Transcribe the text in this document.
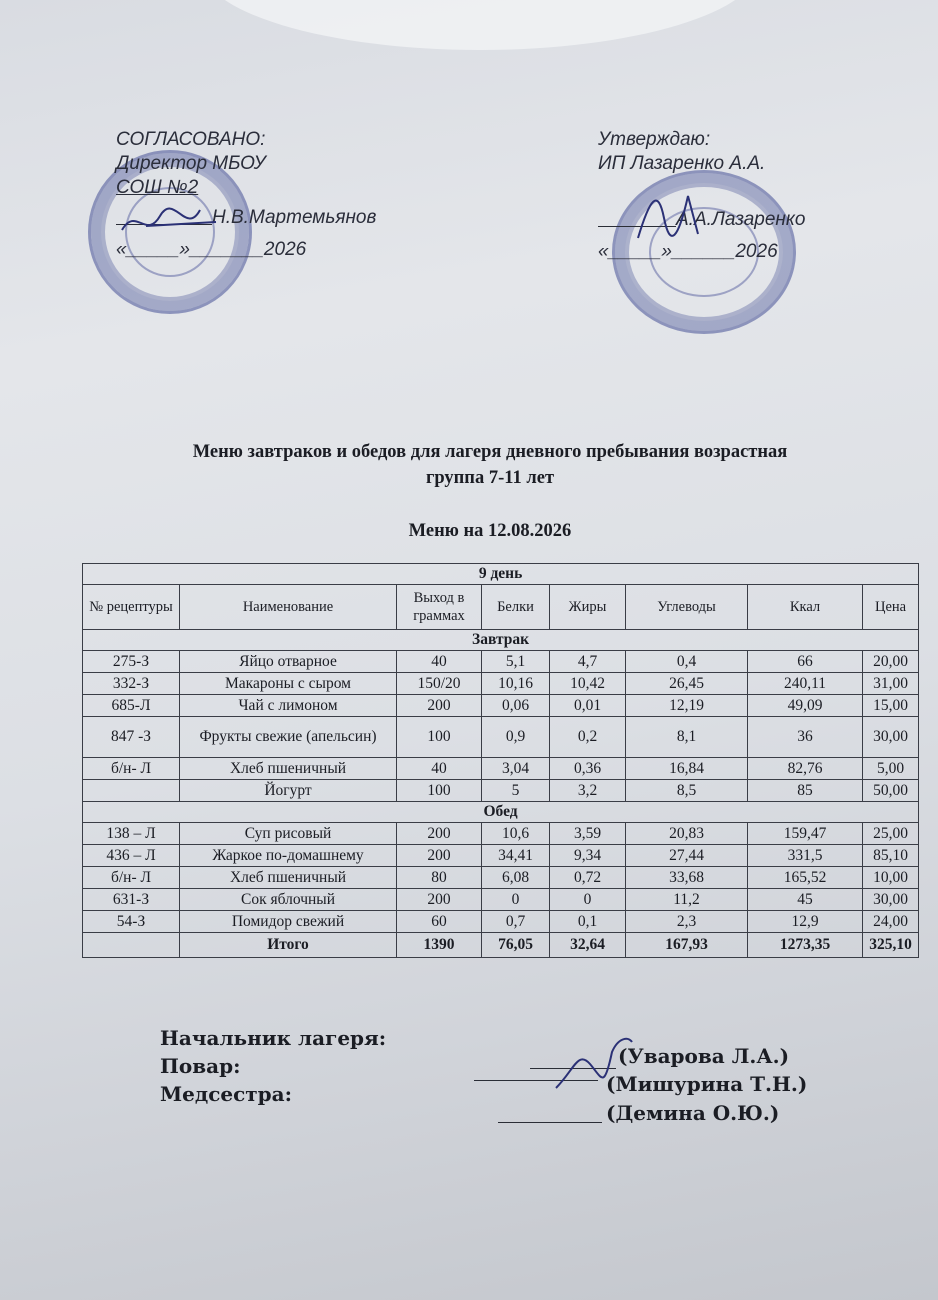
СОГЛАСОВАНО:
Директор МБОУ
СОШ №2
Н.В.Мартемьянов
«_____»_______2026
Утверждаю:
ИП Лазаренко А.А.
А.А.Лазаренко
«_____»______2026
Меню завтраков и обедов для лагеря дневного пребывания возрастная
группа 7-11 лет
Меню на 12.08.2026
9 день							
№ рецептуры	Наименование	Выход в граммах	Белки	Жиры	Углеводы	Ккал	Цена
Завтрак							
275-З	Яйцо отварное	40	5,1	4,7	0,4	66	20,00
332-З	Макароны с сыром	150/20	10,16	10,42	26,45	240,11	31,00
685-Л	Чай с лимоном	200	0,06	0,01	12,19	49,09	15,00
847 -З	Фрукты свежие (апельсин)	100	0,9	0,2	8,1	36	30,00
б/н- Л	Хлеб пшеничный	40	3,04	0,36	16,84	82,76	5,00
	Йогурт	100	5	3,2	8,5	85	50,00
Обед							
138 – Л	Суп рисовый	200	10,6	3,59	20,83	159,47	25,00
436 – Л	Жаркое по-домашнему	200	34,41	9,34	27,44	331,5	85,10
б/н- Л	Хлеб пшеничный	80	6,08	0,72	33,68	165,52	10,00
631-З	Сок яблочный	200	0	0	11,2	45	30,00
54-З	Помидор свежий	60	0,7	0,1	2,3	12,9	24,00
	Итого	1390	76,05	32,64	167,93	1273,35	325,10
Начальник лагеря:
Повар:
Медсестра:
(Уварова Л.А.)
(Мишурина Т.Н.)
(Демина О.Ю.)
